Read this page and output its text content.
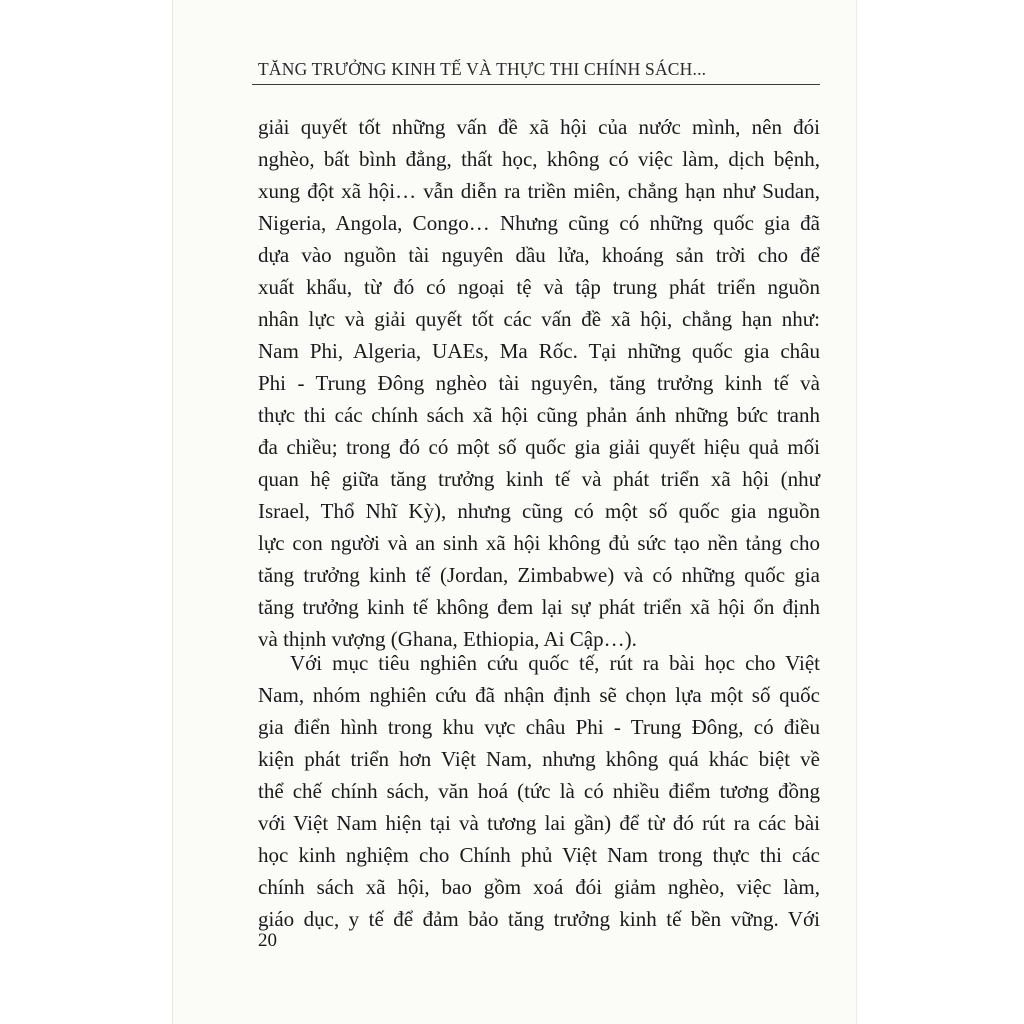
TĂNG TRƯỞNG KINH TẾ VÀ THỰC THI CHÍNH SÁCH...
giải quyết tốt những vấn đề xã hội của nước mình, nên đói
nghèo, bất bình đẳng, thất học, không có việc làm, dịch bệnh,
xung đột xã hội… vẫn diễn ra triền miên, chẳng hạn như Sudan,
Nigeria, Angola, Congo… Nhưng cũng có những quốc gia đã
dựa vào nguồn tài nguyên dầu lửa, khoáng sản trời cho để
xuất khẩu, từ đó có ngoại tệ và tập trung phát triển nguồn
nhân lực và giải quyết tốt các vấn đề xã hội, chẳng hạn như:
Nam Phi, Algeria, UAEs, Ma Rốc. Tại những quốc gia châu
Phi - Trung Đông nghèo tài nguyên, tăng trưởng kinh tế và
thực thi các chính sách xã hội cũng phản ánh những bức tranh
đa chiều; trong đó có một số quốc gia giải quyết hiệu quả mối
quan hệ giữa tăng trưởng kinh tế và phát triển xã hội (như
Israel, Thổ Nhĩ Kỳ), nhưng cũng có một số quốc gia nguồn
lực con người và an sinh xã hội không đủ sức tạo nền tảng cho
tăng trưởng kinh tế (Jordan, Zimbabwe) và có những quốc gia
tăng trưởng kinh tế không đem lại sự phát triển xã hội ổn định
và thịnh vượng (Ghana, Ethiopia, Ai Cập…).
Với mục tiêu nghiên cứu quốc tế, rút ra bài học cho Việt
Nam, nhóm nghiên cứu đã nhận định sẽ chọn lựa một số quốc
gia điển hình trong khu vực châu Phi - Trung Đông, có điều
kiện phát triển hơn Việt Nam, nhưng không quá khác biệt về
thể chế chính sách, văn hoá (tức là có nhiều điểm tương đồng
với Việt Nam hiện tại và tương lai gần) để từ đó rút ra các bài
học kinh nghiệm cho Chính phủ Việt Nam trong thực thi các
chính sách xã hội, bao gồm xoá đói giảm nghèo, việc làm,
20
giáo dục, y tế để đảm bảo tăng trưởng kinh tế bền vững. Với
